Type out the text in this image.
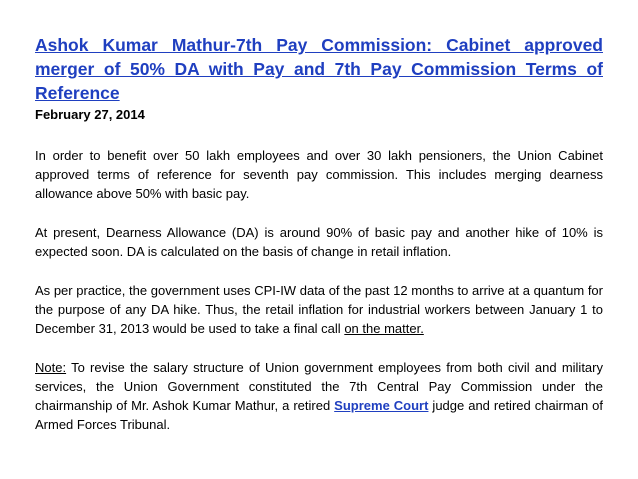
Ashok Kumar Mathur-7th Pay Commission: Cabinet approved merger of 50% DA with Pay and 7th Pay Commission Terms of Reference
February 27, 2014

In order to benefit over 50 lakh employees and over 30 lakh pensioners, the Union Cabinet approved terms of reference for seventh pay commission. This includes merging dearness allowance above 50% with basic pay.

At present, Dearness Allowance (DA) is around 90% of basic pay and another hike of 10% is expected soon. DA is calculated on the basis of change in retail inflation.

As per practice, the government uses CPI-IW data of the past 12 months to arrive at a quantum for the purpose of any DA hike. Thus, the retail inflation for industrial workers between January 1 to December 31, 2013 would be used to take a final call on the matter.

Note: To revise the salary structure of Union government employees from both civil and military services, the Union Government constituted the 7th Central Pay Commission under the chairmanship of Mr. Ashok Kumar Mathur, a retired Supreme Court judge and retired chairman of Armed Forces Tribunal.
